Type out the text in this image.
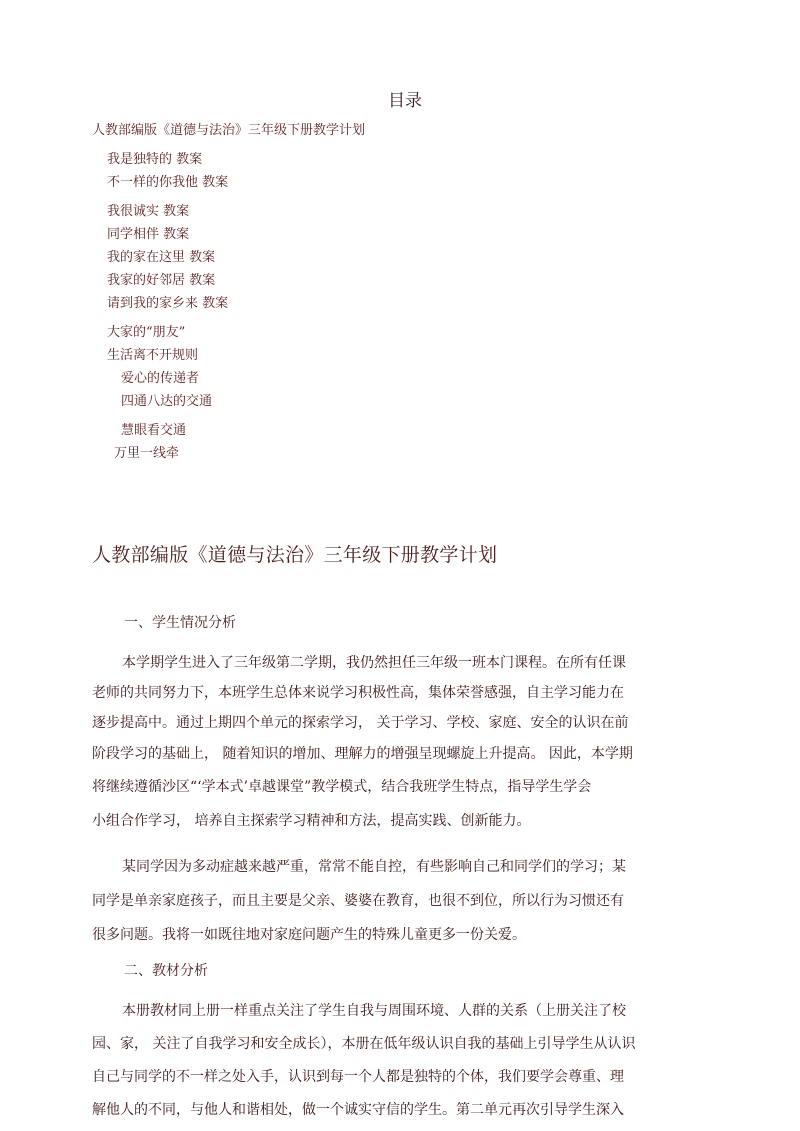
目录
人教部编版《道德与法治》三年级下册教学计划
我是独特的 教案
不一样的你我他 教案
我很诚实 教案
同学相伴 教案
我的家在这里 教案
我家的好邻居 教案
请到我的家乡来 教案
大家的“朋友”
生活离不开规则
爱心的传递者
四通八达的交通
慧眼看交通
万里一线牵
人教部编版《道德与法治》三年级下册教学计划
一、学生情况分析
本学期学生进入了三年级第二学期，我仍然担任三年级一班本门课程。在所有任课
老师的共同努力下，本班学生总体来说学习积极性高，集体荣誉感强，自主学习能力在
逐步提高中。通过上期四个单元的探索学习， 关于学习、学校、家庭、安全的认识在前
阶段学习的基础上， 随着知识的增加、理解力的增强呈现螺旋上升提高。 因此，本学期
将继续遵循沙区“‘学本式’卓越课堂”教学模式，结合我班学生特点，指导学生学会
小组合作学习， 培养自主探索学习精神和方法，提高实践、创新能力。
某同学因为多动症越来越严重，常常不能自控，有些影响自己和同学们的学习；某
同学是单亲家庭孩子，而且主要是父亲、婆婆在教育，也很不到位，所以行为习惯还有
很多问题。我将一如既往地对家庭问题产生的特殊儿童更多一份关爱。
二、教材分析
本册教材同上册一样重点关注了学生自我与周围环境、人群的关系（上册关注了校
园、家， 关注了自我学习和安全成长），本册在低年级认识自我的基础上引导学生从认识
自己与同学的不一样之处入手，认识到每一个人都是独特的个体，我们要学会尊重、理
解他人的不同，与他人和谐相处，做一个诚实守信的学生。第二单元再次引导学生深入
